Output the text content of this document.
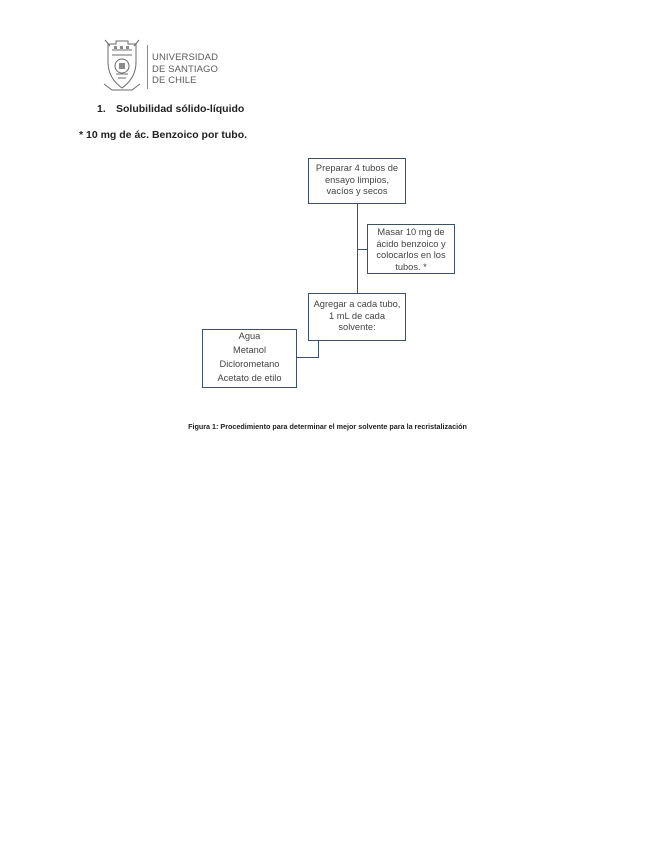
UNIVERSIDAD
DE SANTIAGO
DE CHILE
1. Solubilidad sólido-líquido
* 10 mg de ác. Benzoico por tubo.
Preparar 4 tubos de
ensayo limpios,
vacíos y secos
Masar 10 mg de
ácido benzoico y
colocarlos en los
tubos. *
Agregar a cada tubo,
1 mL de cada
solvente:
Agua
Metanol
Diclorometano
Acetato de etilo
Figura 1: Procedimiento para determinar el mejor solvente para la recristalización
